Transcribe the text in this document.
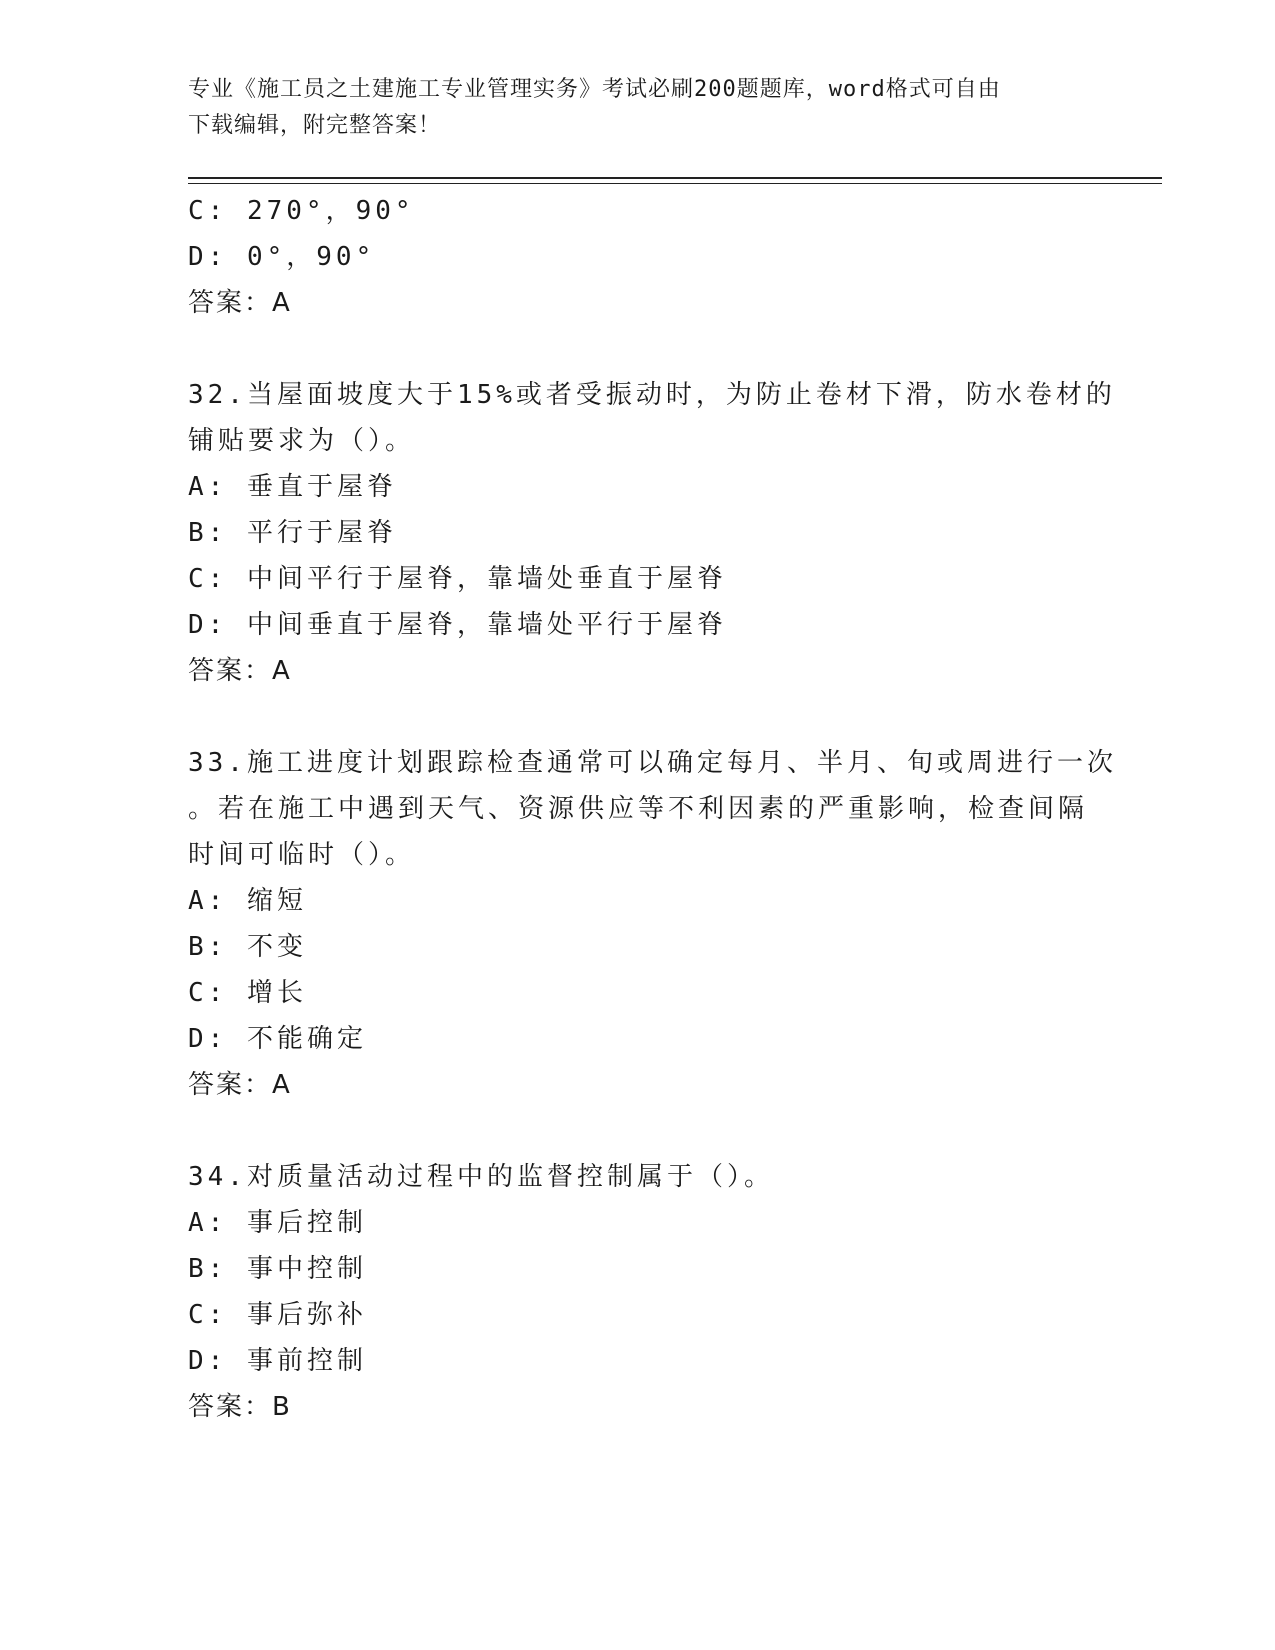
专业《施工员之土建施工专业管理实务》考试必刷200题题库，word格式可自由
下载编辑，附完整答案！
C: 270°，90°
D: 0°，90°
答案：A
32.当屋面坡度大于15%或者受振动时，为防止卷材下滑，防水卷材的
铺贴要求为（）。
A: 垂直于屋脊
B: 平行于屋脊
C: 中间平行于屋脊，靠墙处垂直于屋脊
D: 中间垂直于屋脊，靠墙处平行于屋脊
答案：A
33.施工进度计划跟踪检查通常可以确定每月、半月、旬或周进行一次
。若在施工中遇到天气、资源供应等不利因素的严重影响，检查间隔
时间可临时（）。
A: 缩短
B: 不变
C: 增长
D: 不能确定
答案：A
34.对质量活动过程中的监督控制属于（）。
A: 事后控制
B: 事中控制
C: 事后弥补
D: 事前控制
答案：B
